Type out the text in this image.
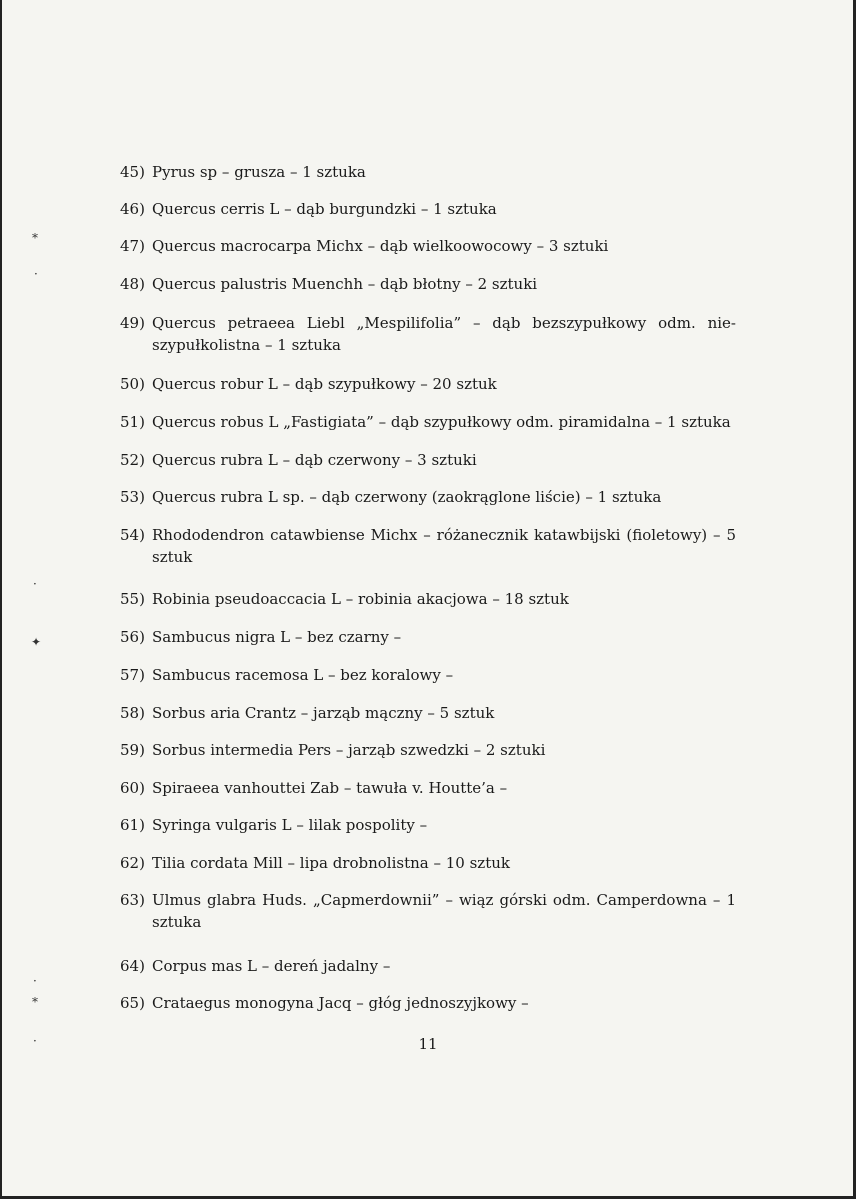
45) Pyrus sp – grusza – 1 sztuka
46) Quercus cerris L – dąb burgundzki – 1 sztuka
47) Quercus macrocarpa Michx – dąb wielkoowocowy – 3 sztuki
48) Quercus palustris Muenchh – dąb błotny – 2 sztuki
49) Quercus petraeea Liebl „Mespilifolia” – dąb bezszypułkowy odm. nie-
szypułkolistna – 1 sztuka
50) Quercus robur L – dąb szypułkowy – 20 sztuk
51) Quercus robus L „Fastigiata” – dąb szypułkowy odm. piramidalna – 1 sztuka
52) Quercus rubra L – dąb czerwony – 3 sztuki
53) Quercus rubra L sp. – dąb czerwony (zaokrąglone liście) – 1 sztuka
54) Rhododendron catawbiense Michx – różanecznik katawbijski (fioletowy) – 5
sztuk
55) Robinia pseudoaccacia L – robinia akacjowa – 18 sztuk
56) Sambucus nigra L – bez czarny –
57) Sambucus racemosa L – bez koralowy –
58) Sorbus aria Crantz – jarząb mączny – 5 sztuk
59) Sorbus intermedia Pers – jarząb szwedzki – 2 sztuki
60) Spiraeea vanhouttei Zab – tawuła v. Houtte’a –
61) Syringa vulgaris L – lilak pospolity –
62) Tilia cordata Mill – lipa drobnolistna – 10 sztuk
63) Ulmus glabra Huds. „Capmerdownii” – wiąz górski odm. Camperdowna – 1
sztuka
64) Corpus mas L – dereń jadalny –
65) Crataegus monogyna Jacq – głóg jednoszyjkowy –
11
⁎
·
·
✦
·
⁎
·
